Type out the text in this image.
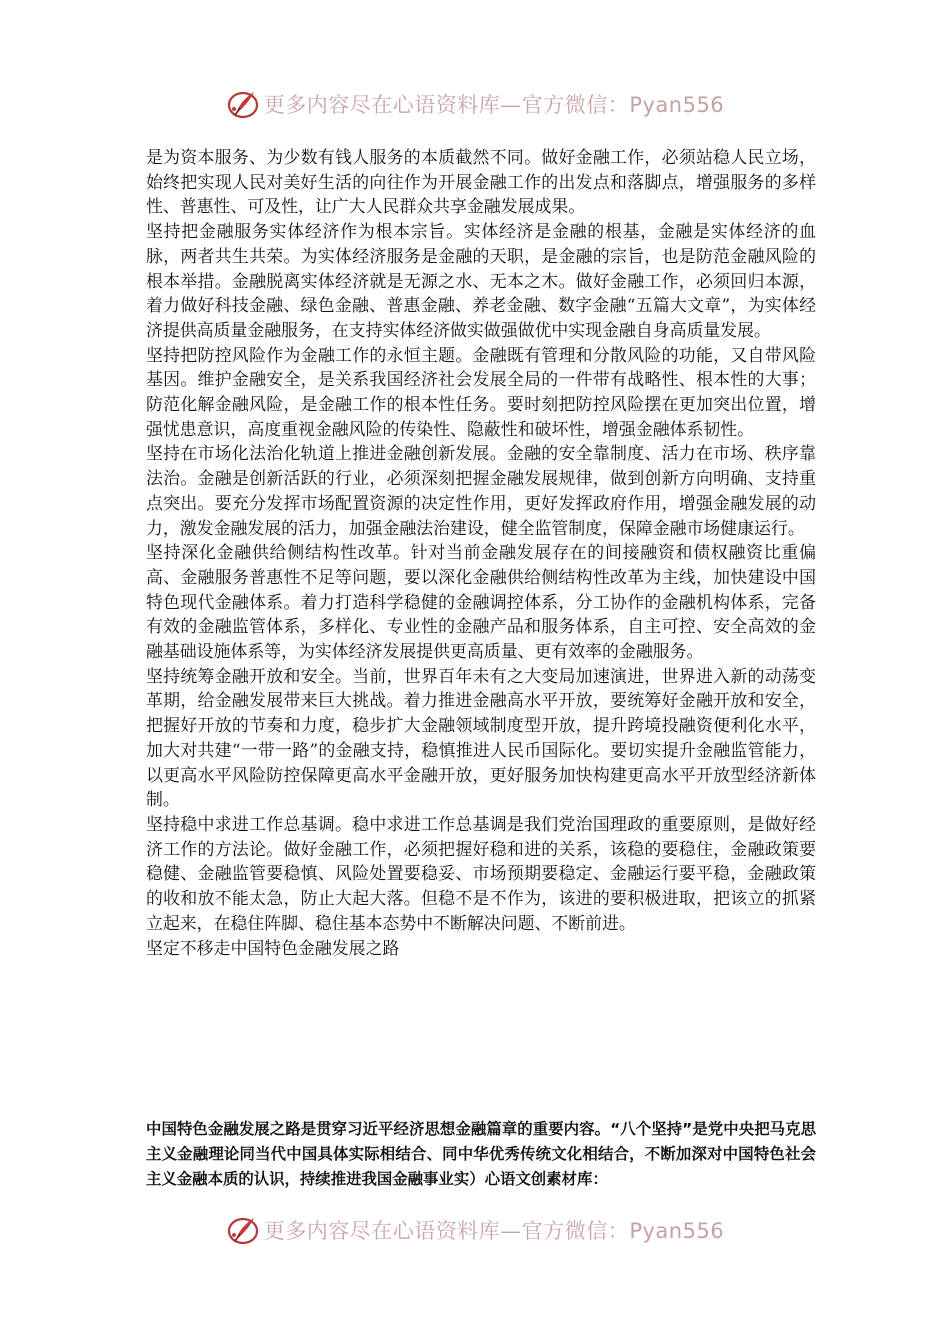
更多内容尽在心语资料库—官方微信：Pyan556

是为资本服务、为少数有钱人服务的本质截然不同。做好金融工作，必须站稳人民立场，始终把实现人民对美好生活的向往作为开展金融工作的出发点和落脚点，增强服务的多样性、普惠性、可及性，让广大人民群众共享金融发展成果。

坚持把金融服务实体经济作为根本宗旨。实体经济是金融的根基，金融是实体经济的血脉，两者共生共荣。为实体经济服务是金融的天职，是金融的宗旨，也是防范金融风险的根本举措。金融脱离实体经济就是无源之水、无本之木。做好金融工作，必须回归本源，着力做好科技金融、绿色金融、普惠金融、养老金融、数字金融“五篇大文章”，为实体经济提供高质量金融服务，在支持实体经济做实做强做优中实现金融自身高质量发展。

坚持把防控风险作为金融工作的永恒主题。金融既有管理和分散风险的功能，又自带风险基因。维护金融安全，是关系我国经济社会发展全局的一件带有战略性、根本性的大事；防范化解金融风险，是金融工作的根本性任务。要时刻把防控风险摆在更加突出位置，增强忧患意识，高度重视金融风险的传染性、隐蔽性和破坏性，增强金融体系韧性。

坚持在市场化法治化轨道上推进金融创新发展。金融的安全靠制度、活力在市场、秩序靠法治。金融是创新活跃的行业，必须深刻把握金融发展规律，做到创新方向明确、支持重点突出。要充分发挥市场配置资源的决定性作用，更好发挥政府作用，增强金融发展的动力，激发金融发展的活力，加强金融法治建设，健全监管制度，保障金融市场健康运行。

坚持深化金融供给侧结构性改革。针对当前金融发展存在的间接融资和债权融资比重偏高、金融服务普惠性不足等问题，要以深化金融供给侧结构性改革为主线，加快建设中国特色现代金融体系。着力打造科学稳健的金融调控体系，分工协作的金融机构体系，完备有效的金融监管体系，多样化、专业性的金融产品和服务体系，自主可控、安全高效的金融基础设施体系等，为实体经济发展提供更高质量、更有效率的金融服务。

坚持统筹金融开放和安全。当前，世界百年未有之大变局加速演进，世界进入新的动荡变革期，给金融发展带来巨大挑战。着力推进金融高水平开放，要统筹好金融开放和安全，把握好开放的节奏和力度，稳步扩大金融领域制度型开放，提升跨境投融资便利化水平，加大对共建“一带一路”的金融支持，稳慎推进人民币国际化。要切实提升金融监管能力，以更高水平风险防控保障更高水平金融开放，更好服务加快构建更高水平开放型经济新体制。

坚持稳中求进工作总基调。稳中求进工作总基调是我们党治国理政的重要原则，是做好经济工作的方法论。做好金融工作，必须把握好稳和进的关系，该稳的要稳住，金融政策要稳健、金融监管要稳慎、风险处置要稳妥、市场预期要稳定、金融运行要平稳，金融政策的收和放不能太急，防止大起大落。但稳不是不作为，该进的要积极进取，把该立的抓紧立起来，在稳住阵脚、稳住基本态势中不断解决问题、不断前进。

坚定不移走中国特色金融发展之路

中国特色金融发展之路是贯穿习近平经济思想金融篇章的重要内容。“八个坚持”是党中央把马克思主义金融理论同当代中国具体实际相结合、同中华优秀传统文化相结合，不断加深对中国特色社会主义金融本质的认识，持续推进我国金融事业实）心语文创素材库：
更多内容尽在心语资料库—官方微信：Pyan556
